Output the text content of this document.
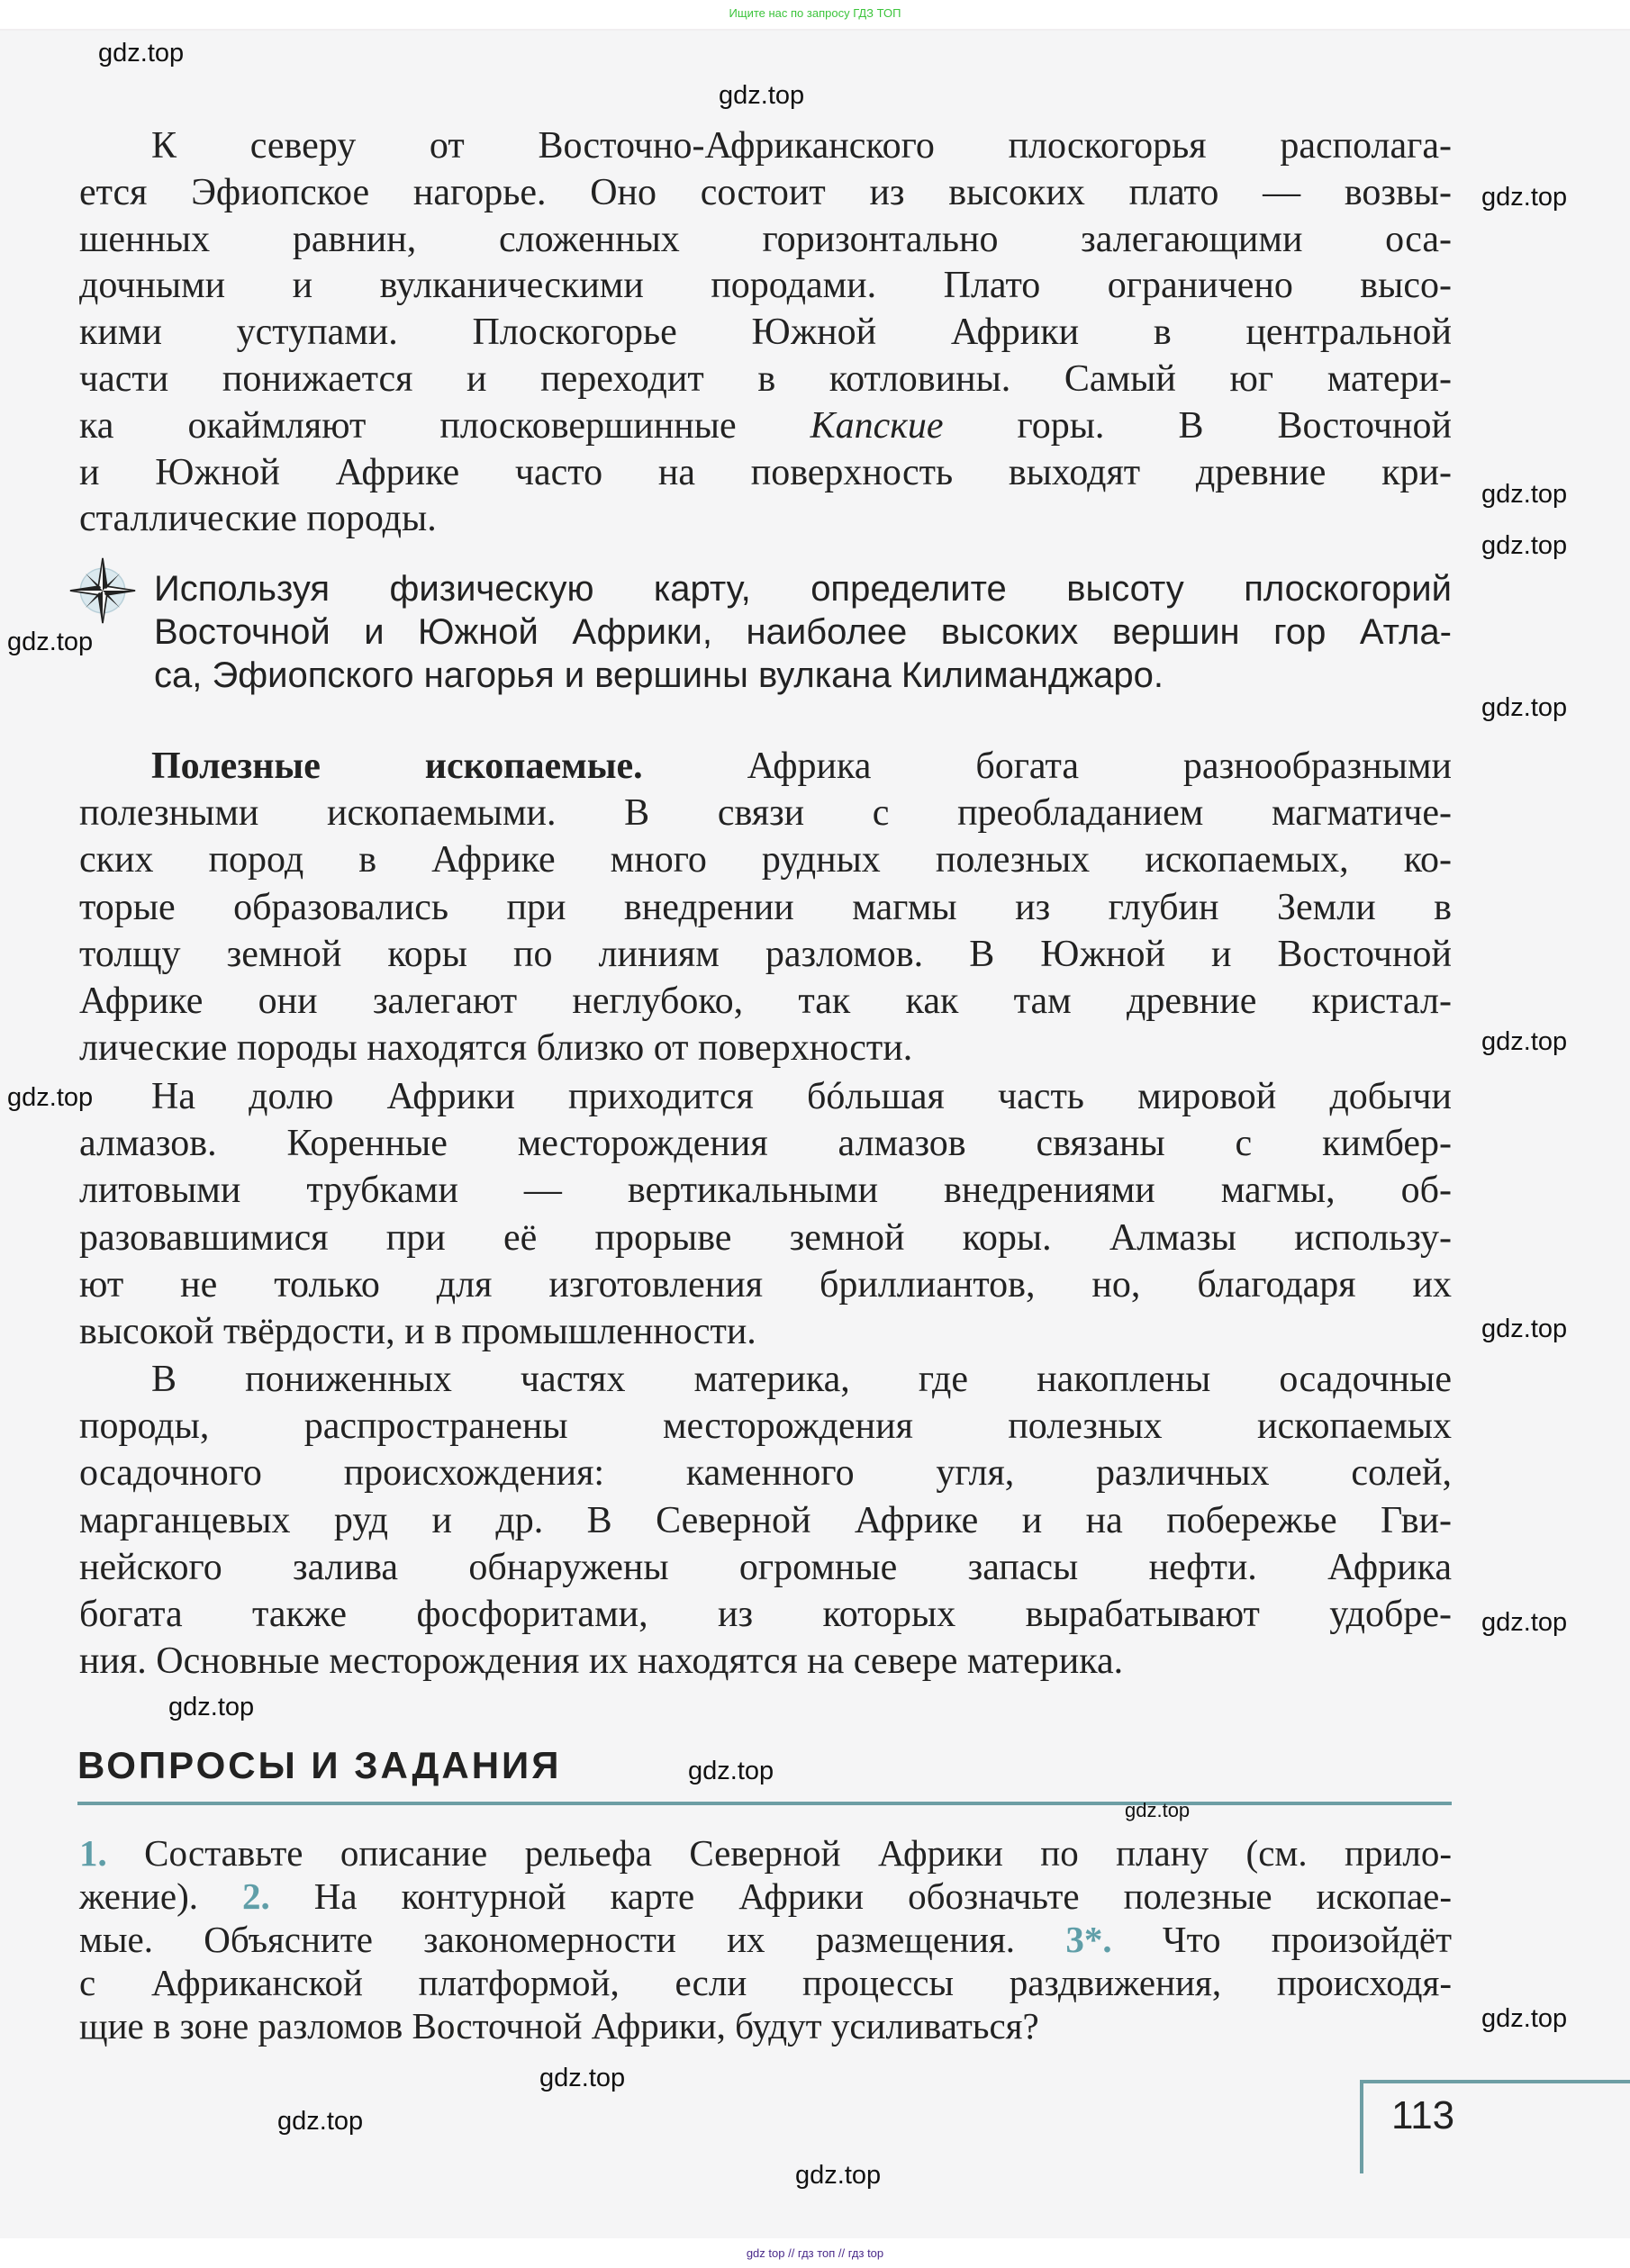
Ищите нас по запросу ГДЗ ТОП
ВОПРОСЫ И ЗАДАНИЯ
113
gdz top // гдз топ // гдз top
К северу от Восточно-Африканского плоскогорья располага-
ется Эфиопское нагорье. Оно состоит из высоких плато — возвы-
шенных равнин, сложенных горизонтально залегающими оса-
дочными и вулканическими породами. Плато ограничено высо-
кими уступами. Плоскогорье Южной Африки в центральной
части понижается и переходит в котловины. Самый юг матери-
ка окаймляют плосковершинные Капские горы. В Восточной
и Южной Африке часто на поверхность выходят древние кри-
сталлические породы.
Используя физическую карту, определите высоту плоскогорий
Восточной и Южной Африки, наиболее высоких вершин гор Атла-
са, Эфиопского нагорья и вершины вулкана Килиманджаро.
Полезные ископаемые. Африка богата разнообразными
полезными ископаемыми. В связи с преобладанием магматиче-
ских пород в Африке много рудных полезных ископаемых, ко-
торые образовались при внедрении магмы из глубин Земли в
толщу земной коры по линиям разломов. В Южной и Восточной
Африке они залегают неглубоко, так как там древние кристал-
лические породы находятся близко от поверхности.
На долю Африки приходится бóльшая часть мировой добычи
алмазов. Коренные месторождения алмазов связаны с кимбер-
литовыми трубками — вертикальными внедрениями магмы, об-
разовавшимися при её прорыве земной коры. Алмазы использу-
ют не только для изготовления бриллиантов, но, благодаря их
высокой твёрдости, и в промышленности.
В пониженных частях материка, где накоплены осадочные
породы, распространены месторождения полезных ископаемых
осадочного происхождения: каменного угля, различных солей,
марганцевых руд и др. В Северной Африке и на побережье Гви-
нейского залива обнаружены огромные запасы нефти. Африка
богата также фосфоритами, из которых вырабатывают удобре-
ния. Основные месторождения их находятся на севере материка.
1. Составьте описание рельефа Северной Африки по плану (см. прило-
жение). 2. На контурной карте Африки обозначьте полезные ископае-
мые. Объясните закономерности их размещения. 3*. Что произойдёт
с Африканской платформой, если процессы раздвижения, происходя-
щие в зоне разломов Восточной Африки, будут усиливаться?
gdz.top
gdz.top
gdz.top
gdz.top
gdz.top
gdz.top
gdz.top
gdz.top
gdz.top
gdz.top
gdz.top
gdz.top
gdz.top
gdz.top
gdz.top
gdz.top
gdz.top
gdz.top
